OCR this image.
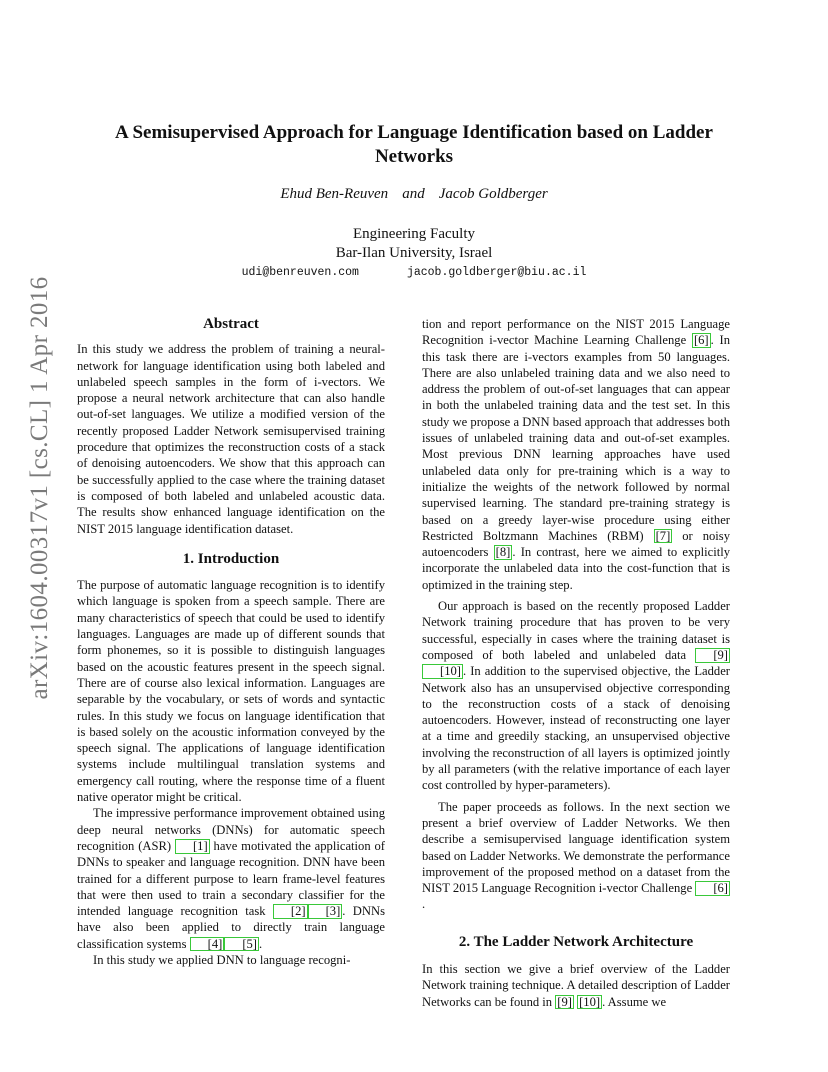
arXiv:1604.00317v1 [cs.CL] 1 Apr 2016
A Semisupervised Approach for Language Identification based on Ladder
Networks
Ehud Ben-Reuven and Jacob Goldberger
Engineering Faculty
Bar-Ilan University, Israel
udi@benreuven.com	jacob.goldberger@biu.ac.il
Abstract

In this study we address the problem of training a neural-network for language identification using both labeled and unlabeled speech samples in the form of i-vectors. We propose a neural network architecture that can also handle out-of-set languages. We utilize a modified version of the recently proposed Ladder Network semisupervised training procedure that optimizes the reconstruction costs of a stack of denoising autoencoders. We show that this approach can be successfully applied to the case where the training dataset is composed of both labeled and unlabeled acoustic data. The results show enhanced language identification on the NIST 2015 language identification dataset.

1. Introduction

The purpose of automatic language recognition is to identify which language is spoken from a speech sample. There are many characteristics of speech that could be used to identify languages. Languages are made up of different sounds that form phonemes, so it is possible to distinguish languages based on the acoustic features present in the speech signal. There are of course also lexical information. Languages are separable by the vocabulary, or sets of words and syntactic rules. In this study we focus on language identification that is based solely on the acoustic information conveyed by the speech signal. The applications of language identification systems include multilingual translation systems and emergency call routing, where the response time of a fluent native operator might be critical.

The impressive performance improvement obtained using deep neural networks (DNNs) for automatic speech recognition (ASR) [1] have motivated the application of DNNs to speaker and language recognition. DNN have been trained for a different purpose to learn frame-level features that were then used to train a secondary classifier for the intended language recognition task [2] [3] . DNNs have also been applied to directly train language classification systems [4] [5] .

In this study we applied DNN to language recogni-

tion and report performance on the NIST 2015 Language Recognition i-vector Machine Learning Challenge [6] . In this task there are i-vectors examples from 50 languages. There are also unlabeled training data and we also need to address the problem of out-of-set languages that can appear in both the unlabeled training data and the test set. In this study we propose a DNN based approach that addresses both issues of unlabeled training data and out-of-set examples. Most previous DNN learning approaches have used unlabeled data only for pre-training which is a way to initialize the weights of the network followed by normal supervised learning. The standard pre-training strategy is based on a greedy layer-wise procedure using either Restricted Boltzmann Machines (RBM) [7] or noisy autoencoders [8] . In contrast, here we aimed to explicitly incorporate the unlabeled data into the cost-function that is optimized in the training step.

Our approach is based on the recently proposed Ladder Network training procedure that has proven to be very successful, especially in cases where the training dataset is composed of both labeled and unlabeled data [9] [10] . In addition to the supervised objective, the Ladder Network also has an unsupervised objective corresponding to the reconstruction costs of a stack of denoising autoencoders. However, instead of reconstructing one layer at a time and greedily stacking, an unsupervised objective involving the reconstruction of all layers is optimized jointly by all parameters (with the relative importance of each layer cost controlled by hyper-parameters).

The paper proceeds as follows. In the next section we present a brief overview of Ladder Networks. We then describe a semisupervised language identification system based on Ladder Networks. We demonstrate the performance improvement of the proposed method on a dataset from the NIST 2015 Language Recognition i-vector Challenge [6].

2. The Ladder Network Architecture

In this section we give a brief overview of the Ladder Network training technique. A detailed description of Ladder Networks can be found in [9] [10] . Assume we
